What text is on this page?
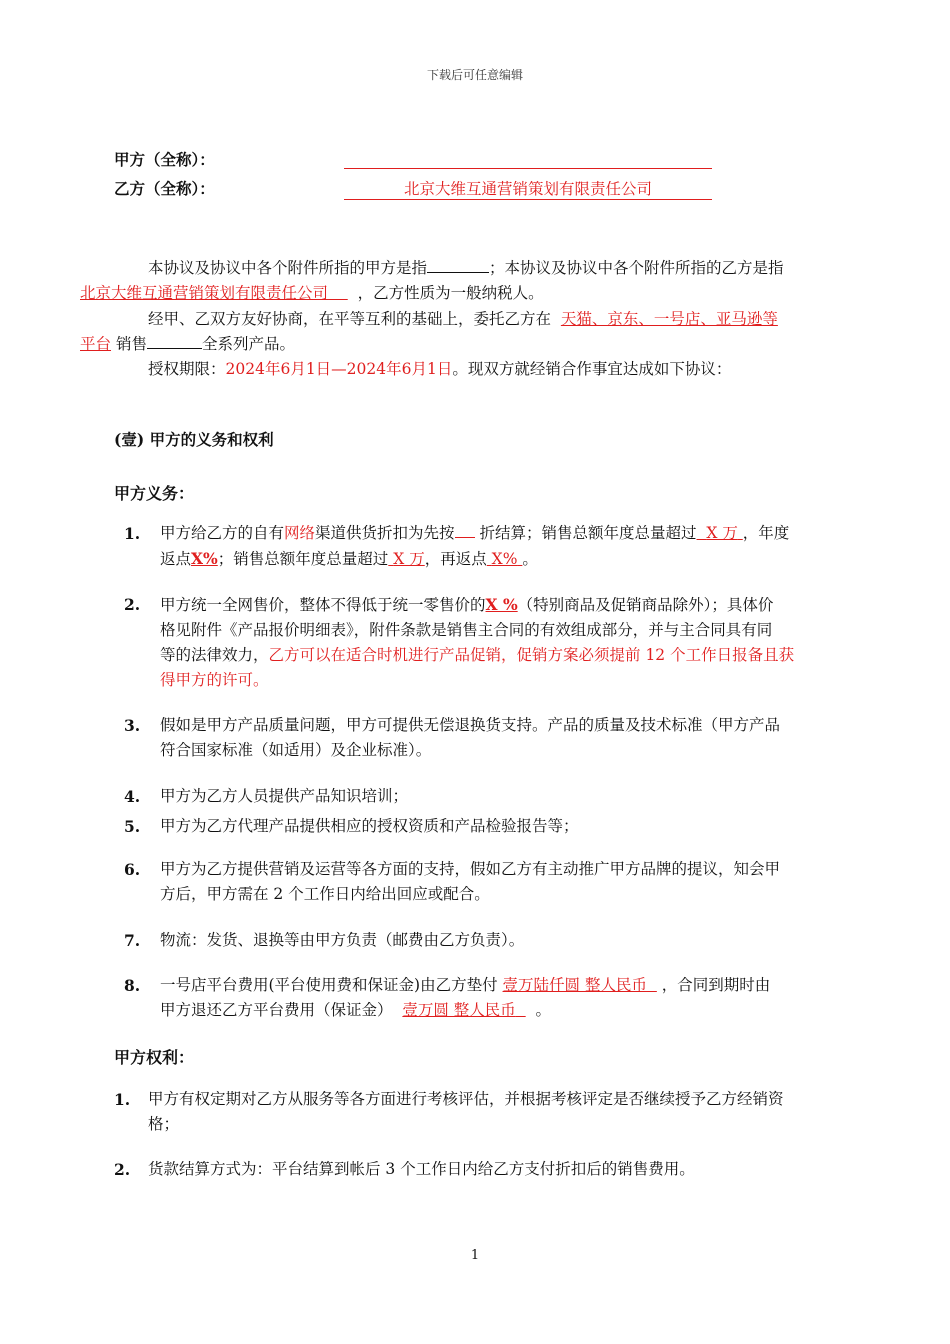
下载后可任意编辑
甲方（全称）：
乙方（全称）：	北京大维互通营销策划有限责任公司
本协议及协议中各个附件所指的甲方是指	；本协议及协议中各个附件所指的乙方是指
北京大维互通营销策划有限责任公司 ，乙方性质为一般纳税人。
经甲、乙双方友好协商，在平等互利的基础上，委托乙方在 天猫、京东、一号店、亚马逊等
平台 销售	全系列产品。
授权期限：2024年6月1日—2024年6月1日。现双方就经销合作事宜达成如下协议：
(壹) 甲方的义务和权利
甲方义务：
1. 甲方给乙方的自有网络渠道供货折扣为先按 折结算；销售总额年度总量超过 X 万 ，年度
返点X%；销售总额年度总量超过 X 万，再返点 X% 。
2. 甲方统一全网售价，整体不得低于统一零售价的X %（特别商品及促销商品除外）；具体价
格见附件《产品报价明细表》，附件条款是销售主合同的有效组成部分，并与主合同具有同
等的法律效力，乙方可以在适合时机进行产品促销，促销方案必须提前 12 个工作日报备且获
得甲方的许可。
3. 假如是甲方产品质量问题，甲方可提供无偿退换货支持。产品的质量及技术标准（甲方产品
符合国家标准（如适用）及企业标准）。
4. 甲方为乙方人员提供产品知识培训；
5. 甲方为乙方代理产品提供相应的授权资质和产品检验报告等；
6. 甲方为乙方提供营销及运营等各方面的支持，假如乙方有主动推广甲方品牌的提议，知会甲
方后，甲方需在 2 个工作日内给出回应或配合。
7. 物流：发货、退换等由甲方负责（邮费由乙方负责）。
8. 一号店平台费用(平台使用费和保证金)由乙方垫付 壹万陆仟圆 整人民币 ，合同到期时由
甲方退还乙方平台费用（保证金） 壹万圆 整人民币 。
甲方权利：
1. 甲方有权定期对乙方从服务等各方面进行考核评估，并根据考核评定是否继续授予乙方经销资
格；
2. 货款结算方式为：平台结算到帐后 3 个工作日内给乙方支付折扣后的销售费用。
1
